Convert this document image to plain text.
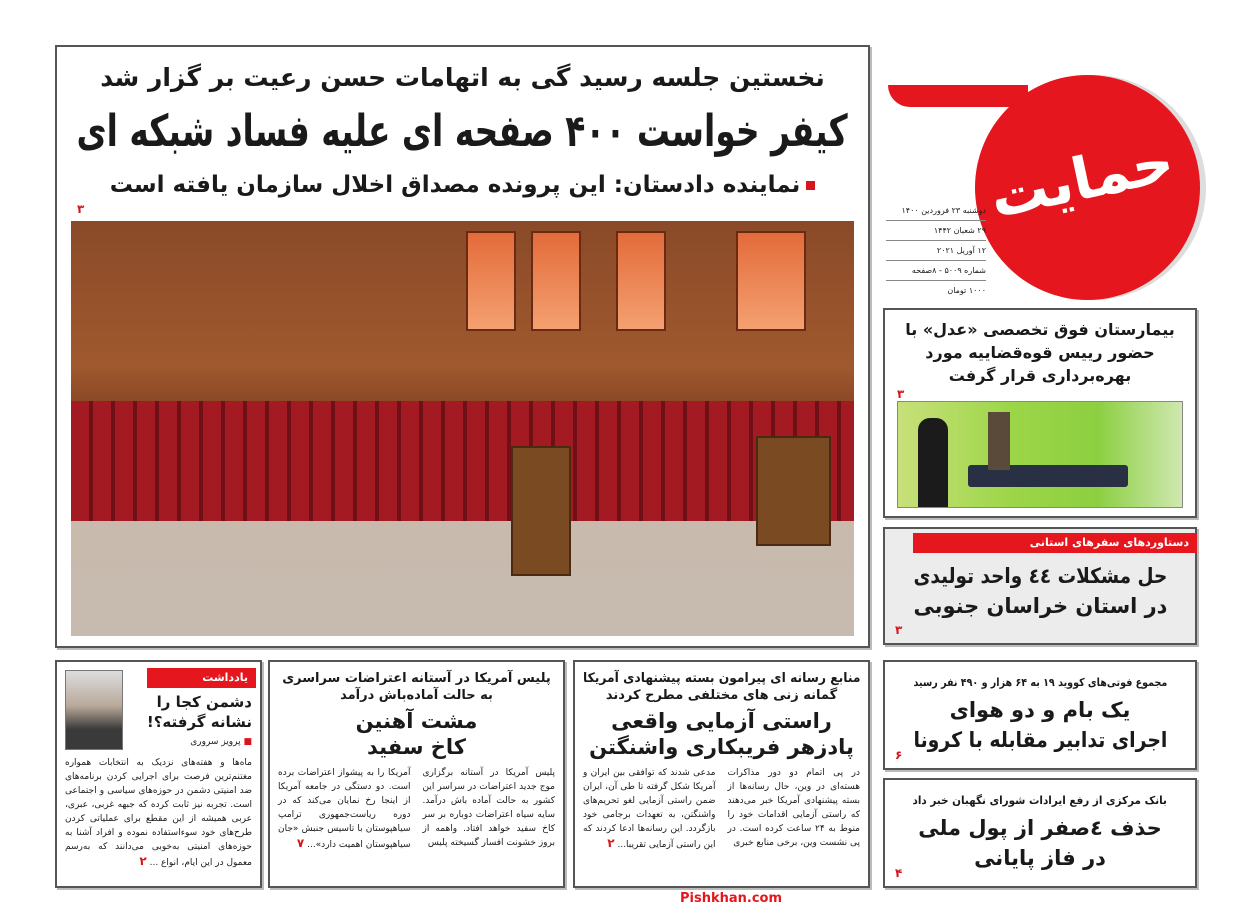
نخستین جلسه رسید گی به اتهامات حسن رعیت بر گزار شد
کیفر خواست ۴۰۰ صفحه ای علیه فساد شبکه ای
نماینده دادستان: این پرونده مصداق اخلال سازمان یافته است
۳	حمایت
دوشنبه ۲۳ فروردین ۱۴۰۰
۲۹ شعبان ۱۴۴۲
۱۲ آوریل ۲۰۲۱
شماره ۵۰۰۹ - ۸صفحه
۱۰۰۰ تومان
بیمارستان فوق تخصصی «عدل» با حضور رییس قوه‌قضاییه مورد بهره‌برداری قرار گرفت
۳
دستاوردهای سفرهای استانی
حل مشکلات ٤٤ واحد تولیدی
در استان خراسان جنوبی
۳
مجموع فوتی‌های کووید ۱۹ به ۶۴ هزار و ۴۹۰ نفر رسید
یک بام و دو هوای
اجرای تدابیر مقابله با کرونا
۶
بانک مرکزی از رفع ایرادات شورای نگهبان خبر داد
حذف ٤صفر از پول ملی
در فاز پایانی
۴
یادداشت
دشمن کجا را
نشانه گرفته؟!
■ پرویز سروری
ماه‌ها و هفته‌های نزدیک به انتخابات همواره مغتنم‌ترین فرصت برای اجرایی کردن برنامه‌های ضد امنیتی دشمن در حوزه‌های سیاسی و اجتماعی است. تجربه نیز ثابت کرده که جبهه غربی، عبری، عربی همیشه از این مقطع برای عملیاتی کردن طرح‌های خود سوءاستفاده نموده و افراد آشنا به حوزه‌های امنیتی به‌خوبی می‌دانند که به‌رسم معمول در این ایام، انواع ... ۲
پلیس آمریکا در آستانه اعتراضات سراسری
به حالت آماده‌باش درآمد
مشت آهنین
کاخ سفید
پلیس آمریکا در آستانه برگزاری موج جدید اعتراضات در سراسر این کشور به حالت آماده باش درآمد. سایه سیاه اعتراضات دوباره بر سر کاخ سفید خواهد افتاد. واهمه از بروز خشونت افسار گسیخته پلیس
آمریکا را به پیشواز اعتراضات برده است. دو دستگی در جامعه آمریکا از اینجا رخ نمایان می‌کند که در دوره ریاست‌جمهوری ترامپ سیاهپوستان با تاسیس جنبش «جان سیاهپوستان اهمیت دارد»... ۷
منابع رسانه ای پیرامون بسته پیشنهادی آمریکا
گمانه زنی های مختلفی مطرح کردند
راستی آزمایی واقعی
پادزهر فریبکاری واشنگتن
در پی اتمام دو دور مذاکرات هسته‌ای در وین، حال رسانه‌ها از بسته پیشنهادی آمریکا خبر می‌دهند که راستی آزمایی اقدامات خود را منوط به ۲۴ ساعت کرده است. در پی نشست وین، برخی منابع خبری
مدعی شدند که توافقی بین ایران و آمریکا شکل گرفته تا طی آن، ایران ضمن راستی آزمایی لغو تحریم‌های واشنگتن، به تعهدات برجامی خود بازگردد. این رسانه‌ها ادعا کردند که این راستی آزمایی تقریبا... ۲
Pishkhan.com
